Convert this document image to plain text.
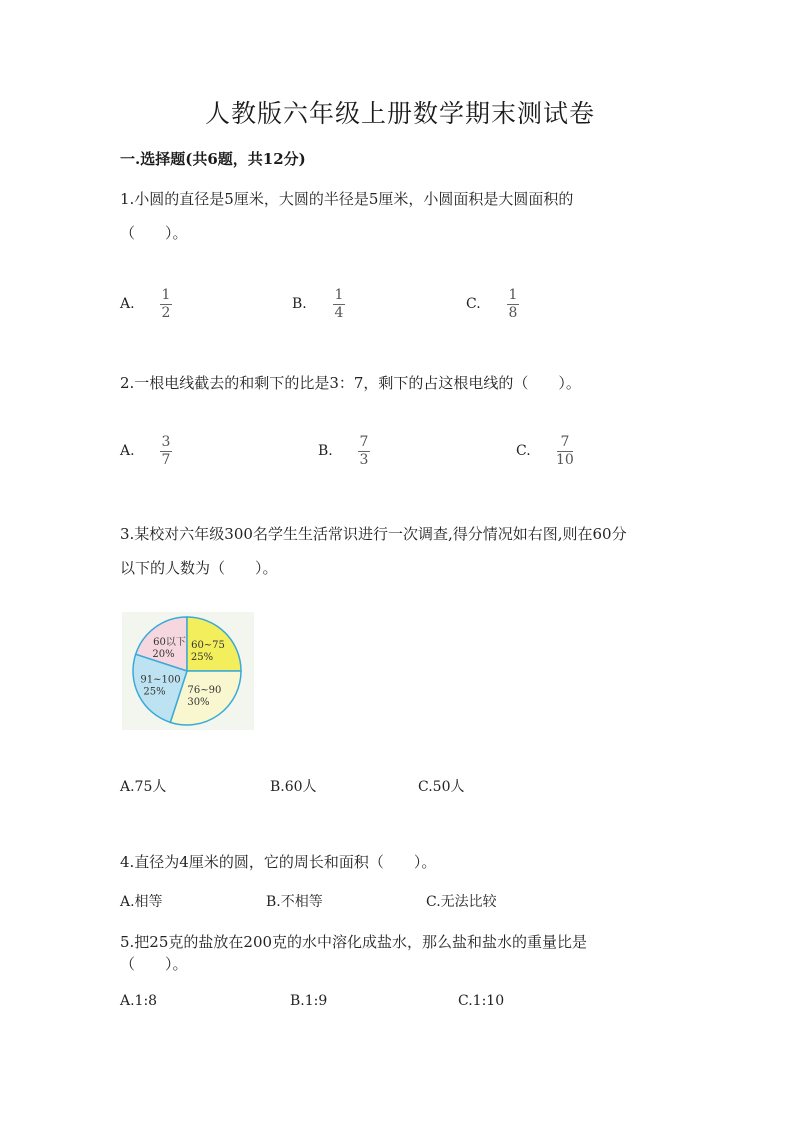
人教版六年级上册数学期末测试卷
一.选择题(共6题，共12分)
1.小圆的直径是5厘米，大圆的半径是5厘米，小圆面积是大圆面积的
（　　）。
A.
1
2
B.
1
4
C.
1
8
2.一根电线截去的和剩下的比是3：7，剩下的占这根电线的（　　）。
A.
3
7
B.
7
3
C.
7
10
3.某校对六年级300名学生生活常识进行一次调查,得分情况如右图,则在60分
以下的人数为（　　）。
60以下
20%
60~75
25%
76~90
30%
91~100
25%
A.75人	B.60人	C.50人
4.直径为4厘米的圆，它的周长和面积（　　）。
A.相等	B.不相等	C.无法比较
5.把25克的盐放在200克的水中溶化成盐水，那么盐和盐水的重量比是
（　　）。
A.1:8	B.1:9	C.1:10
